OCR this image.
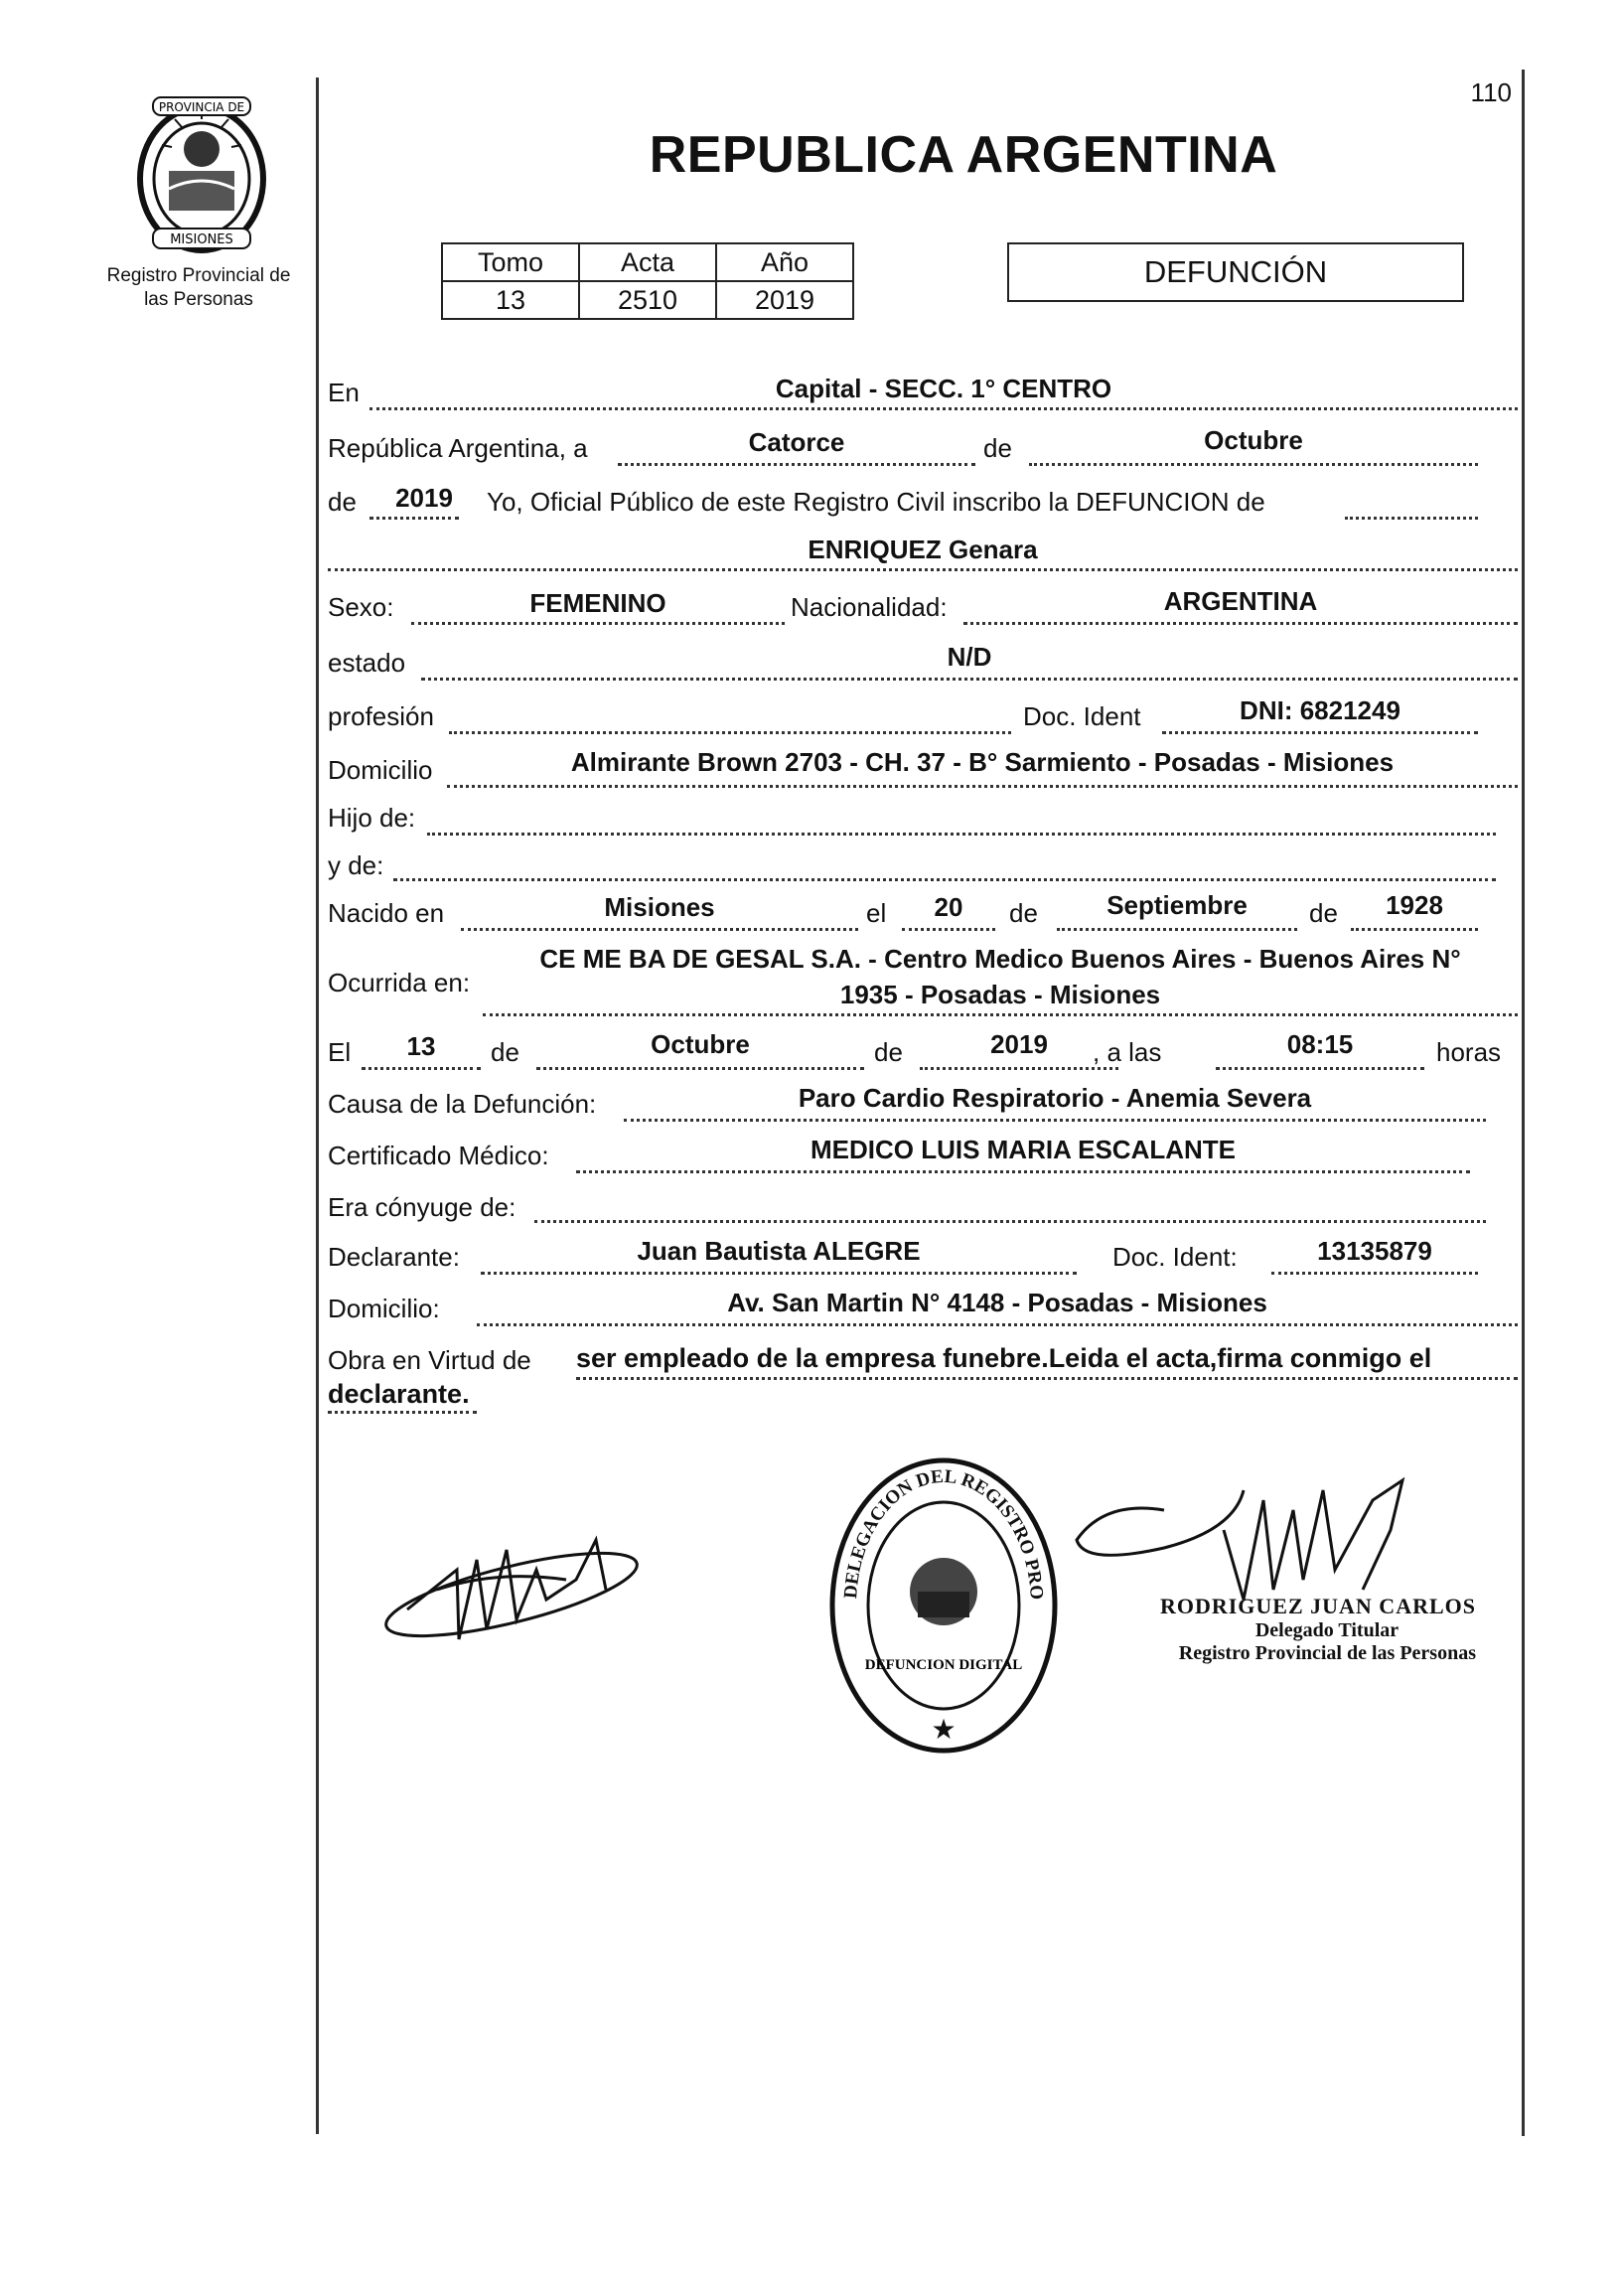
110
PROVINCIA DE
MISIONES
Registro Provincial de
las Personas
REPUBLICA ARGENTINA
Tomo	Acta	Año
13	2510	2019
DEFUNCIÓN
En	Capital - SECC. 1° CENTRO
República Argentina, a	Catorce	de	Octubre
de	2019	Yo, Oficial Público de este Registro Civil inscribo la DEFUNCION de
ENRIQUEZ Genara
Sexo:	FEMENINO	Nacionalidad:	ARGENTINA
estado	N/D
profesión	Doc. Ident	DNI: 6821249
Domicilio	Almirante Brown 2703 - CH. 37 - B° Sarmiento - Posadas - Misiones
Hijo de:
y de:
Nacido en	Misiones	el	20	de	Septiembre	de	1928
Ocurrida en:
CE ME BA DE GESAL S.A. - Centro Medico Buenos Aires - Buenos Aires N°
1935 - Posadas - Misiones
El	13	de	Octubre	de	2019	, a las	08:15	horas
Causa de la Defunción:	Paro Cardio Respiratorio - Anemia Severa
Certificado Médico:	MEDICO LUIS MARIA ESCALANTE
Era cónyuge de:
Declarante:	Juan Bautista ALEGRE	Doc. Ident:	13135879
Domicilio:	Av. San Martin N° 4148 - Posadas - Misiones
Obra en Virtud de ser empleado de la empresa funebre.Leida el acta,firma conmigo el
declarante.
DELEGACION DEL REGISTRO PRO
DEFUNCION DIGITAL
★
RODRIGUEZ JUAN CARLOS
Delegado Titular
Registro Provincial de las Personas
